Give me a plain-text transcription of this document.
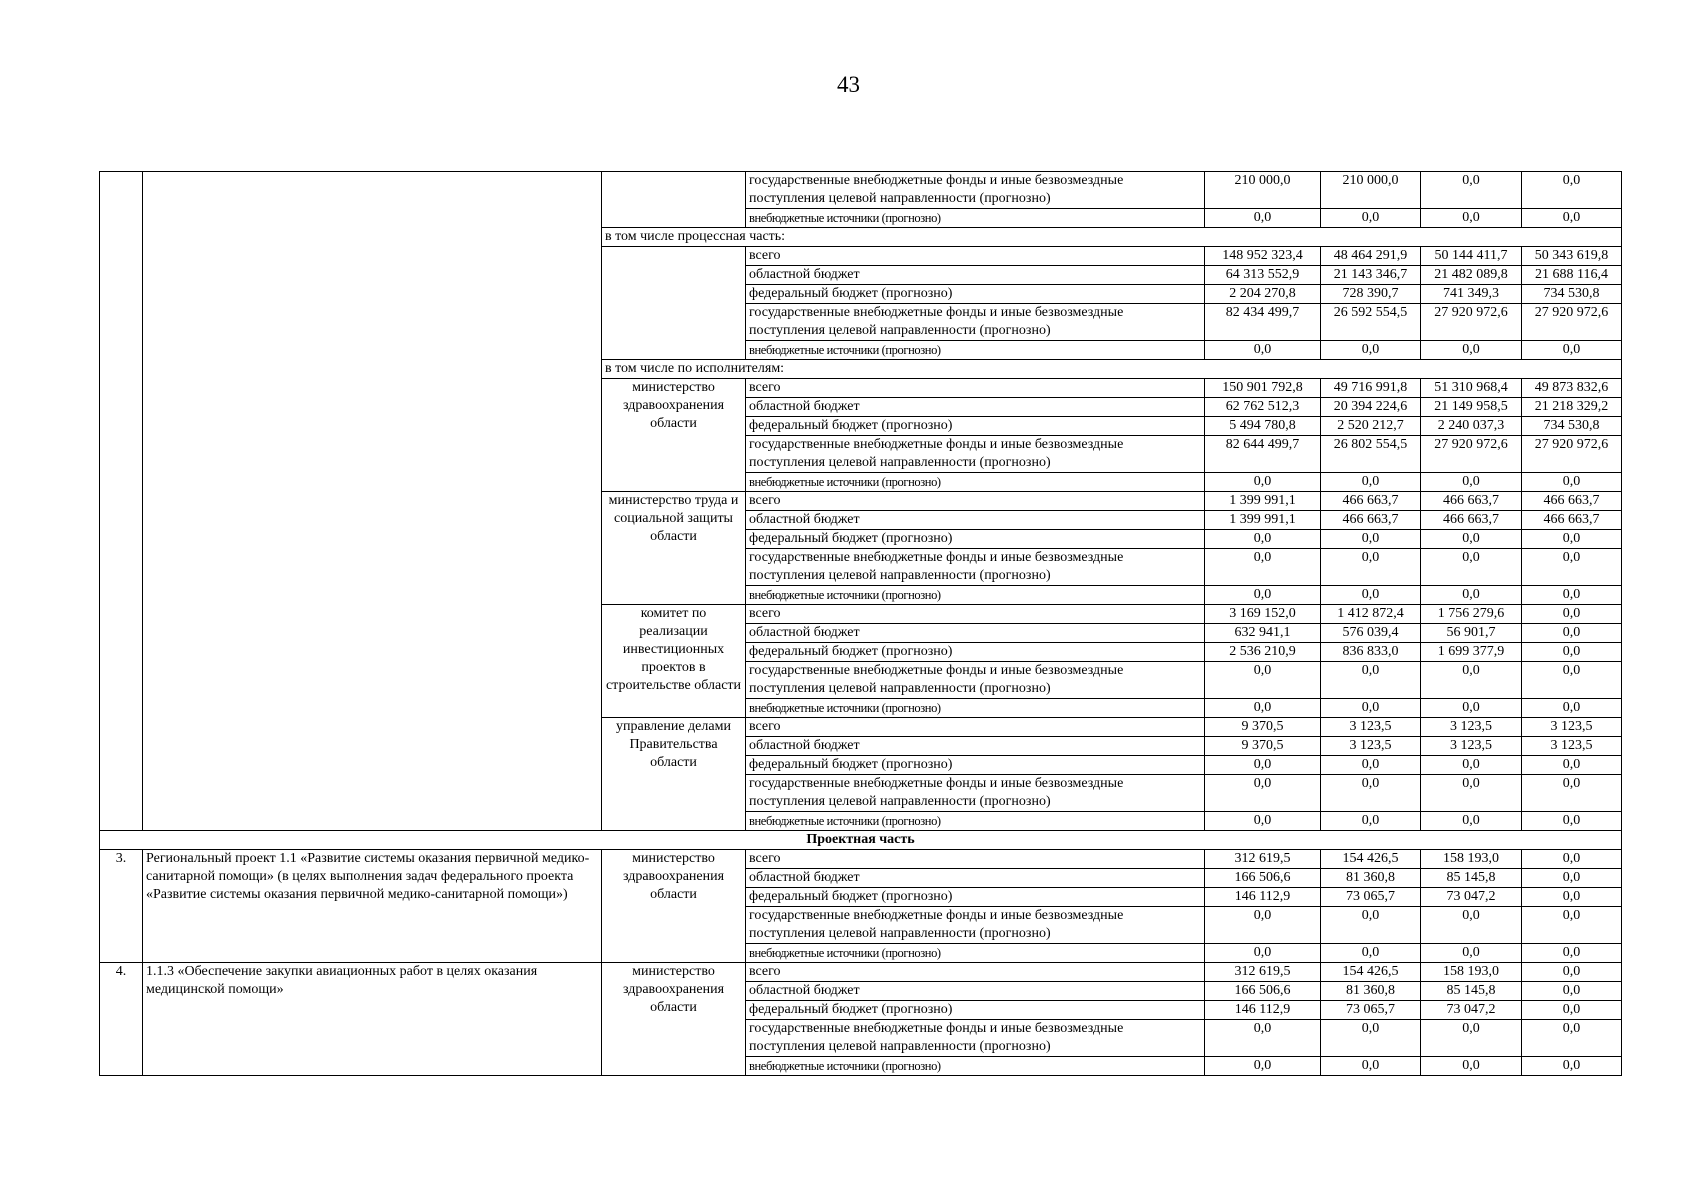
43
			государственные внебюджетные фонды и иные безвозмездные поступления целевой направленности (прогнозно)	210 000,0	210 000,0	0,0	0,0
			внебюджетные источники (прогнозно)	0,0	0,0	0,0	0,0
		в том числе процессная часть:					
			всего	148 952 323,4	48 464 291,9	50 144 411,7	50 343 619,8
			областной бюджет	64 313 552,9	21 143 346,7	21 482 089,8	21 688 116,4
			федеральный бюджет (прогнозно)	2 204 270,8	728 390,7	741 349,3	734 530,8
			государственные внебюджетные фонды и иные безвозмездные поступления целевой направленности (прогнозно)	82 434 499,7	26 592 554,5	27 920 972,6	27 920 972,6
			внебюджетные источники (прогнозно)	0,0	0,0	0,0	0,0
		в том числе по исполнителям:					
		министерство здравоохранения области	всего	150 901 792,8	49 716 991,8	51 310 968,4	49 873 832,6
			областной бюджет	62 762 512,3	20 394 224,6	21 149 958,5	21 218 329,2
			федеральный бюджет (прогнозно)	5 494 780,8	2 520 212,7	2 240 037,3	734 530,8
			государственные внебюджетные фонды и иные безвозмездные поступления целевой направленности (прогнозно)	82 644 499,7	26 802 554,5	27 920 972,6	27 920 972,6
			внебюджетные источники (прогнозно)	0,0	0,0	0,0	0,0
		министерство труда и социальной защиты области	всего	1 399 991,1	466 663,7	466 663,7	466 663,7
			областной бюджет	1 399 991,1	466 663,7	466 663,7	466 663,7
			федеральный бюджет (прогнозно)	0,0	0,0	0,0	0,0
			государственные внебюджетные фонды и иные безвозмездные поступления целевой направленности (прогнозно)	0,0	0,0	0,0	0,0
			внебюджетные источники (прогнозно)	0,0	0,0	0,0	0,0
		комитет по реализации инвестиционных проектов в строительстве области	всего	3 169 152,0	1 412 872,4	1 756 279,6	0,0
			областной бюджет	632 941,1	576 039,4	56 901,7	0,0
			федеральный бюджет (прогнозно)	2 536 210,9	836 833,0	1 699 377,9	0,0
			государственные внебюджетные фонды и иные безвозмездные поступления целевой направленности (прогнозно)	0,0	0,0	0,0	0,0
			внебюджетные источники (прогнозно)	0,0	0,0	0,0	0,0
		управление делами Правительства области	всего	9 370,5	3 123,5	3 123,5	3 123,5
			областной бюджет	9 370,5	3 123,5	3 123,5	3 123,5
			федеральный бюджет (прогнозно)	0,0	0,0	0,0	0,0
			государственные внебюджетные фонды и иные безвозмездные поступления целевой направленности (прогнозно)	0,0	0,0	0,0	0,0
			внебюджетные источники (прогнозно)	0,0	0,0	0,0	0,0
Проектная часть							
3.	Региональный проект 1.1 «Развитие системы оказания первичной медико-санитарной помощи» (в целях выполнения задач федерального проекта «Развитие системы оказания первичной медико-санитарной помощи»)	министерство здравоохранения области	всего	312 619,5	154 426,5	158 193,0	0,0
			областной бюджет	166 506,6	81 360,8	85 145,8	0,0
			федеральный бюджет (прогнозно)	146 112,9	73 065,7	73 047,2	0,0
			государственные внебюджетные фонды и иные безвозмездные поступления целевой направленности (прогнозно)	0,0	0,0	0,0	0,0
			внебюджетные источники (прогнозно)	0,0	0,0	0,0	0,0
4.	1.1.3 «Обеспечение закупки авиационных работ в целях оказания медицинской помощи»	министерство здравоохранения области	всего	312 619,5	154 426,5	158 193,0	0,0
			областной бюджет	166 506,6	81 360,8	85 145,8	0,0
			федеральный бюджет (прогнозно)	146 112,9	73 065,7	73 047,2	0,0
			государственные внебюджетные фонды и иные безвозмездные поступления целевой направленности (прогнозно)	0,0	0,0	0,0	0,0
			внебюджетные источники (прогнозно)	0,0	0,0	0,0	0,0
